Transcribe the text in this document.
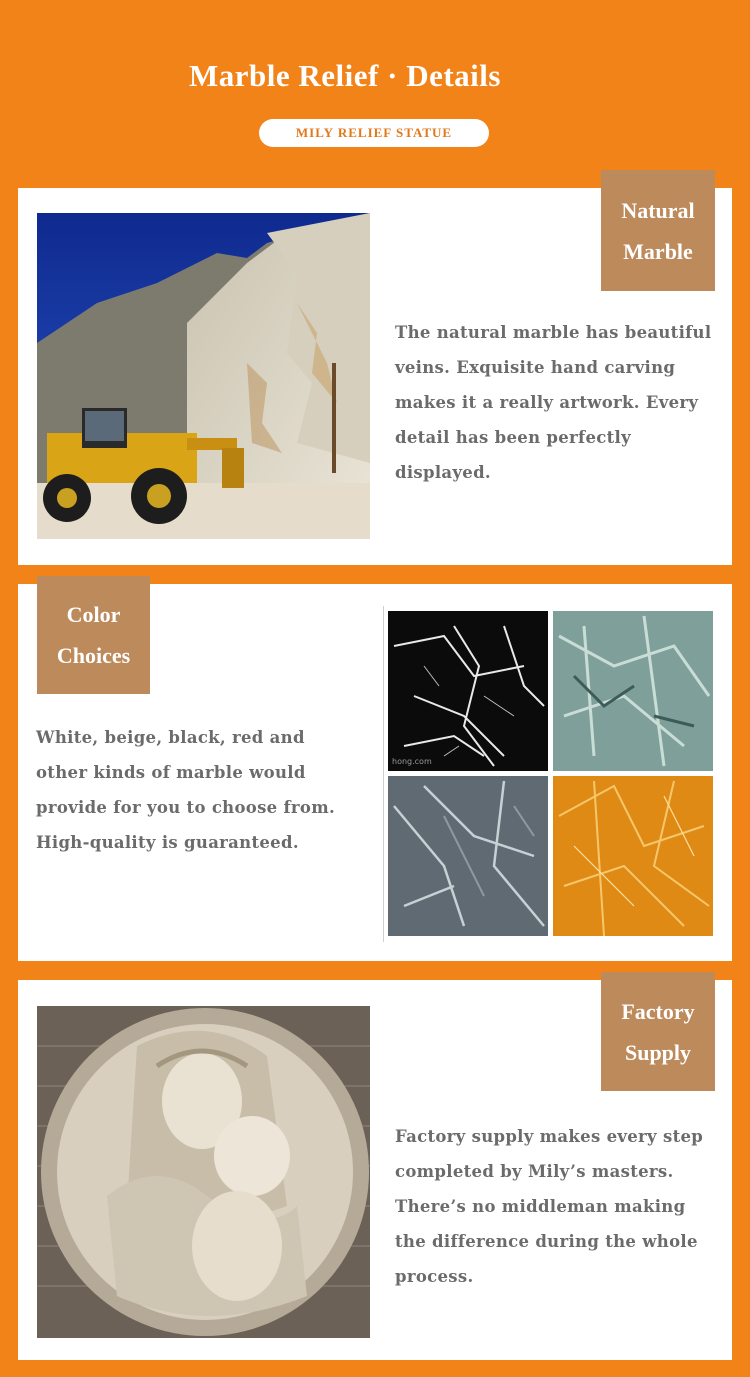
Marble Relief · Details
MILY RELIEF STATUE
Natural
Marble
The natural marble has beautiful
veins. Exquisite hand carving
makes it a really artwork. Every
detail has been perfectly displayed.
Color
Choices
White, beige, black, red and
other kinds of marble would
provide for you to choose from.
High-quality is guaranteed.
hong.com
Factory
Supply
Factory supply makes every step
completed by Mily’s masters.
There’s no middleman making
the difference during the whole
process.
